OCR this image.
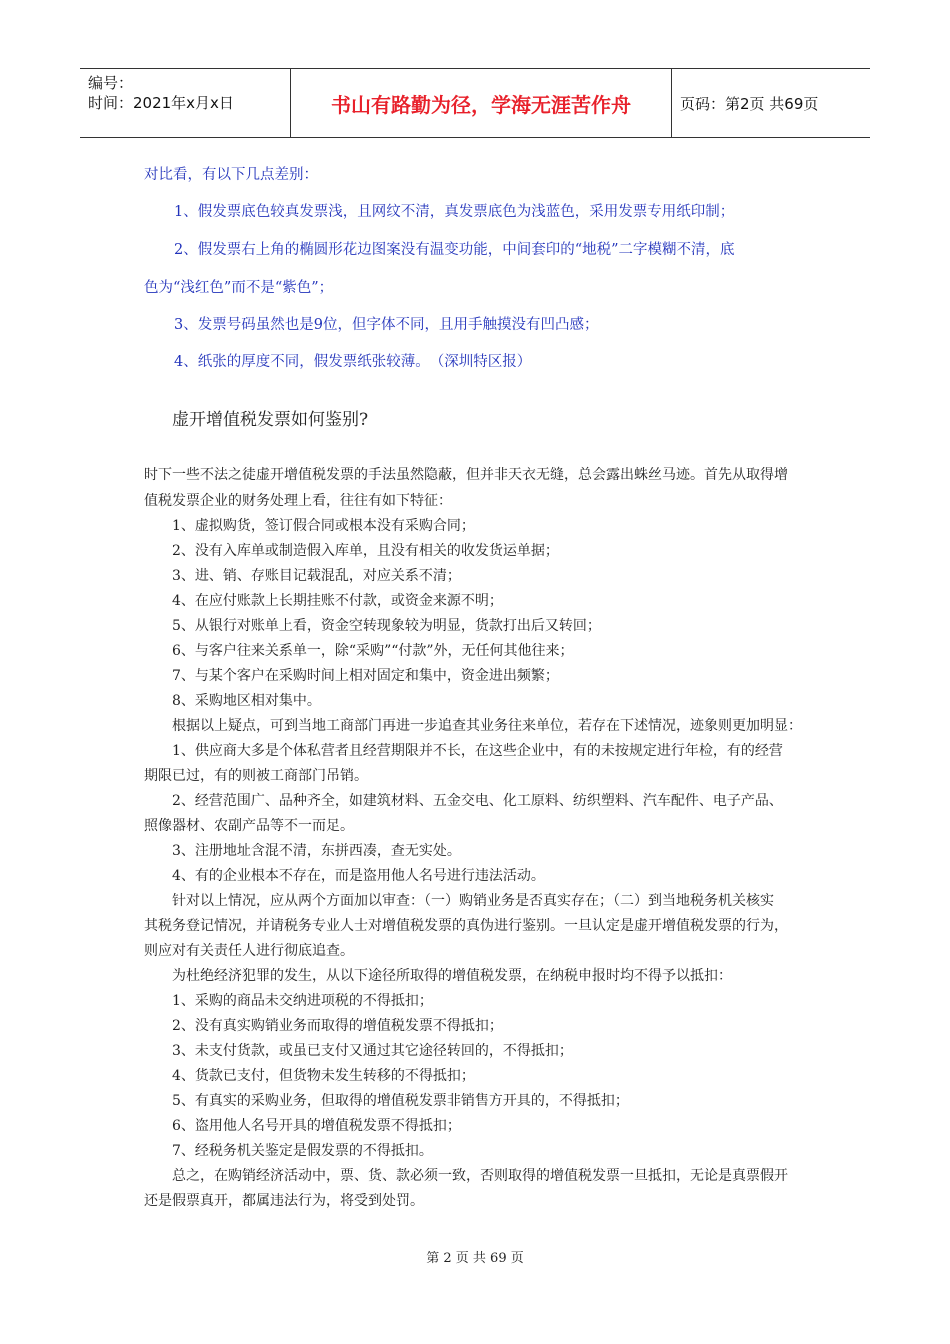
编号：
时间：2021年x月x日	书山有路勤为径，学海无涯苦作舟	页码：第2页 共69页
对比看，有以下几点差别：
1、假发票底色较真发票浅，且网纹不清，真发票底色为浅蓝色，采用发票专用纸印制；
2、假发票右上角的椭圆形花边图案没有温变功能，中间套印的“地税”二字模糊不清，底
色为“浅红色”而不是“紫色”；
3、发票号码虽然也是9位，但字体不同，且用手触摸没有凹凸感；
4、纸张的厚度不同，假发票纸张较薄。　（深圳特区报）
虚开增值税发票如何鉴别?
时下一些不法之徒虚开增值税发票的手法虽然隐蔽，但并非天衣无缝，总会露出蛛丝马迹。首先从取得增
值税发票企业的财务处理上看，往往有如下特征：
1、虚拟购货，签订假合同或根本没有采购合同；
2、没有入库单或制造假入库单，且没有相关的收发货运单据；
3、进、销、存账目记载混乱，对应关系不清；
4、在应付账款上长期挂账不付款，或资金来源不明；
5、从银行对账单上看，资金空转现象较为明显，货款打出后又转回；
6、与客户往来关系单一，除“采购”“付款”外，无任何其他往来；
7、与某个客户在采购时间上相对固定和集中，资金进出频繁；
8、采购地区相对集中。
根据以上疑点，可到当地工商部门再进一步追查其业务往来单位，若存在下述情况，迹象则更加明显：
1、供应商大多是个体私营者且经营期限并不长，在这些企业中，有的未按规定进行年检，有的经营
期限已过，有的则被工商部门吊销。
2、经营范围广、品种齐全，如建筑材料、五金交电、化工原料、纺织塑料、汽车配件、电子产品、
照像器材、农副产品等不一而足。
3、注册地址含混不清，东拼西凑，查无实处。
4、有的企业根本不存在，而是盗用他人名号进行违法活动。
针对以上情况，应从两个方面加以审查：（一）购销业务是否真实存在；（二）到当地税务机关核实
其税务登记情况，并请税务专业人士对增值税发票的真伪进行鉴别。一旦认定是虚开增值税发票的行为，
则应对有关责任人进行彻底追查。
为杜绝经济犯罪的发生，从以下途径所取得的增值税发票，在纳税申报时均不得予以抵扣：
1、采购的商品未交纳进项税的不得抵扣；
2、没有真实购销业务而取得的增值税发票不得抵扣；
3、未支付货款，或虽已支付又通过其它途径转回的，不得抵扣；
4、货款已支付，但货物未发生转移的不得抵扣；
5、有真实的采购业务，但取得的增值税发票非销售方开具的，不得抵扣；
6、盗用他人名号开具的增值税发票不得抵扣；
7、经税务机关鉴定是假发票的不得抵扣。
总之，在购销经济活动中，票、货、款必须一致，否则取得的增值税发票一旦抵扣，无论是真票假开
还是假票真开，都属违法行为，将受到处罚。
第 2 页 共 69 页
